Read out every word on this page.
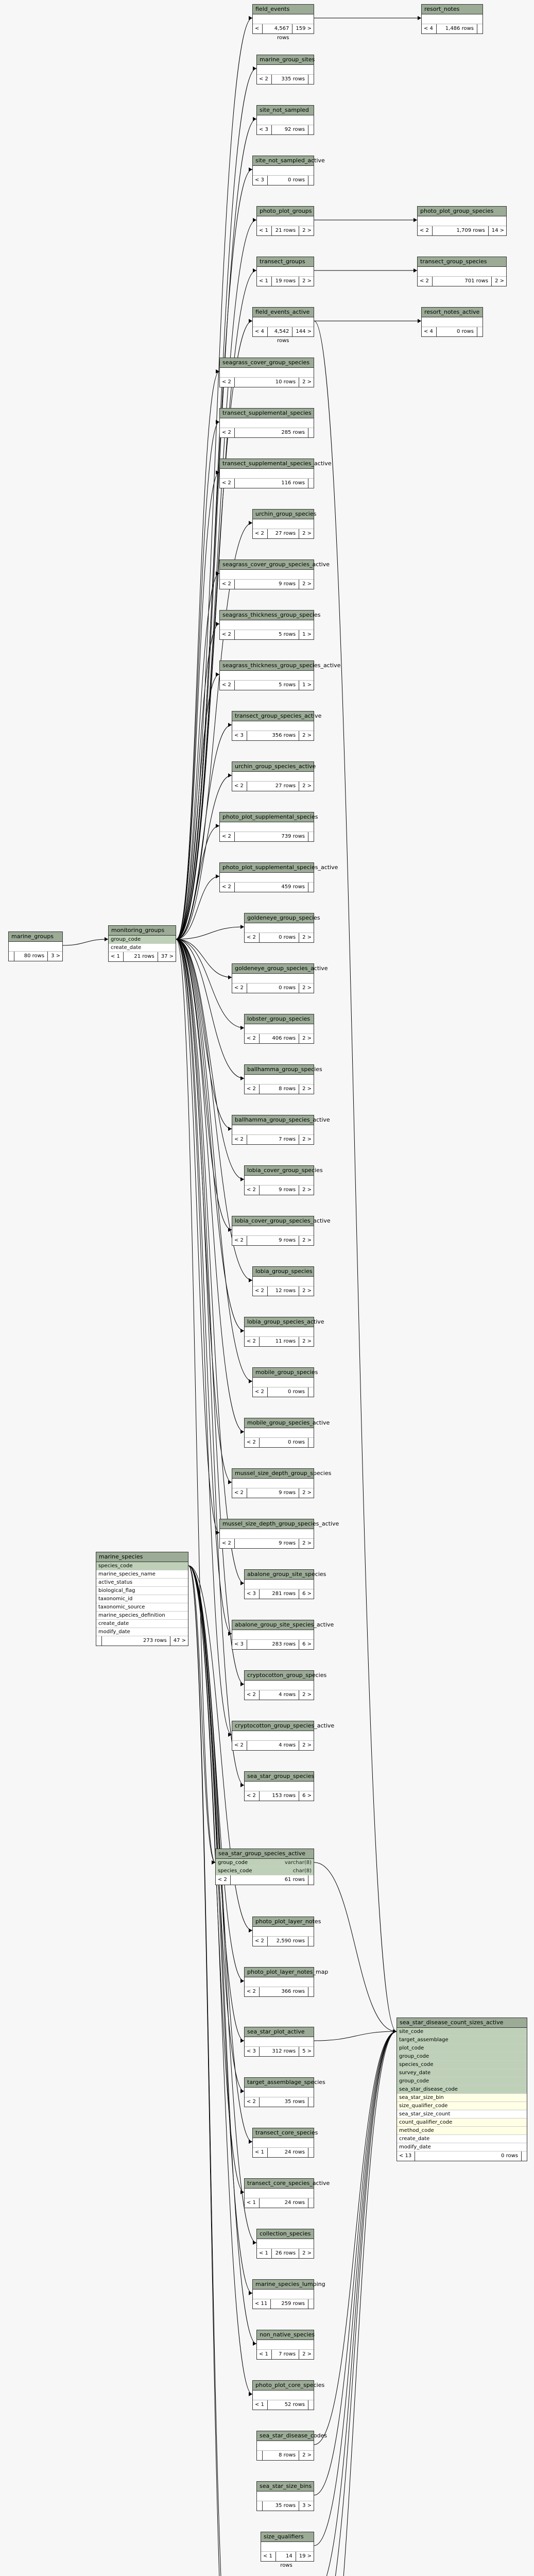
field_events
<	4,567 rows
159 >
resort_notes
< 4	1,486 rows
marine_group_sites
< 2	335 rows
site_not_sampled
< 3	92 rows
site_not_sampled_active
< 3	0 rows
photo_plot_groups
< 1	21 rows	2 >
photo_plot_group_species
< 2	1,709 rows	14 >
transect_groups
< 1	19 rows	2 >
transect_group_species
< 2	701 rows	2 >
field_events_active
< 4	4,542 rows
144 >
resort_notes_active
< 4	0 rows
seagrass_cover_group_species
< 2	10 rows	2 >
transect_supplemental_species
< 2	285 rows
transect_supplemental_species_active
< 2	116 rows
urchin_group_species
< 2	27 rows	2 >
seagrass_cover_group_species_active
< 2	9 rows	2 >
seagrass_thickness_group_species
< 2	5 rows	1 >
seagrass_thickness_group_species_active
< 2	5 rows	1 >
transect_group_species_active
< 3	356 rows	2 >
urchin_group_species_active
< 2	27 rows	2 >
photo_plot_supplemental_species
< 2	739 rows
photo_plot_supplemental_species_active
< 2	459 rows
marine_groups
80 rows	3 >
monitoring_groups
group_code
create_date
< 1	21 rows	37 >
goldeneye_group_species
< 2	0 rows	2 >
goldeneye_group_species_active
< 2	0 rows	2 >
lobster_group_species
< 2	406 rows	2 >
ballhamma_group_species
< 2	8 rows	2 >
ballhamma_group_species_active
< 2	7 rows	2 >
lobia_cover_group_species
< 2	9 rows	2 >
lobia_cover_group_species_active
< 2	9 rows	2 >
lobia_group_species
< 2	12 rows	2 >
lobia_group_species_active
< 2	11 rows	2 >
mobile_group_species
< 2	0 rows
mobile_group_species_active
< 2	0 rows
mussel_size_depth_group_species
< 2	9 rows	2 >
mussel_size_depth_group_species_active
< 2	9 rows	2 >
abalone_group_site_species
< 3	281 rows	6 >
abalone_group_site_species_active
< 3	283 rows	6 >
cryptocotton_group_species
< 2	4 rows	2 >
cryptocotton_group_species_active
< 2	4 rows	2 >
marine_species
species_code
marine_species_name
active_status
biological_flag
taxonomic_id
taxonomic_source
marine_species_definition
create_date
modify_date
273 rows	47 >
sea_star_group_species
< 2	153 rows	6 >
sea_star_group_species_active
group_code	varchar(8)
species_code	char(8)
< 2	61 rows
photo_plot_layer_notes
< 2	2,590 rows
photo_plot_layer_notes_map
< 2	366 rows
sea_star_plot_active
< 3	312 rows	5 >
sea_star_disease_count_sizes_active
site_code
target_assemblage
plot_code
group_code
species_code
survey_date
group_code
sea_star_disease_code
sea_star_size_bin
size_qualifier_code
sea_star_size_count
count_qualifier_code
method_code
create_date
modify_date
< 13	0 rows
target_assemblage_species
< 2	35 rows
transect_core_species
< 1	24 rows
transect_core_species_active
< 1	24 rows
collection_species
< 1	26 rows	2 >
marine_species_lumping
< 11	259 rows
non_native_species
< 1	7 rows	2 >
photo_plot_core_species
< 1	52 rows
sea_star_disease_codes
8 rows	2 >
sea_star_size_bins
35 rows	3 >
size_qualifiers
< 1	14 rows
19 >
